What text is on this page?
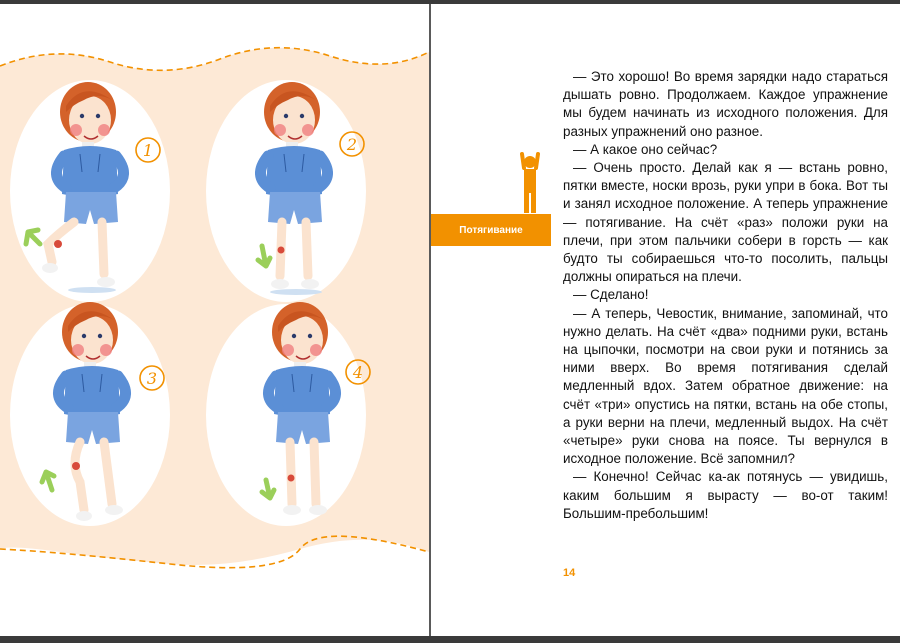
1	2
3	4
Потягивание

— Это хорошо! Во время зарядки надо стараться дышать ровно. Продолжаем. Каждое упражнение мы будем начинать из исходного положения. Для разных упражнений оно разное.

— А какое оно сейчас?

— Очень просто. Делай как я — встань ровно, пятки вместе, носки врозь, руки упри в бока. Вот ты и занял исходное положение. А теперь упражнение — потягивание. На счёт «раз» положи руки на плечи, при этом пальчики собери в горсть — как будто ты собираешься что-то посолить, пальцы должны опираться на плечи.

— Сделано!

— А теперь, Чевостик, внимание, запоминай, что нужно делать. На счёт «два» подними руки, встань на цыпочки, посмотри на свои руки и потянись за ними вверх. Во время потягивания сделай медленный вдох. Затем обратное движение: на счёт «три» опустись на пятки, встань на обе стопы, а руки верни на плечи, медленный выдох. На счёт «четыре» руки снова на поясе. Ты вернулся в исходное положение. Всё запомнил?

— Конечно! Сейчас ка-ак потянусь — увидишь, каким большим я вырасту — во-от таким! Большим-пребольшим!

14
